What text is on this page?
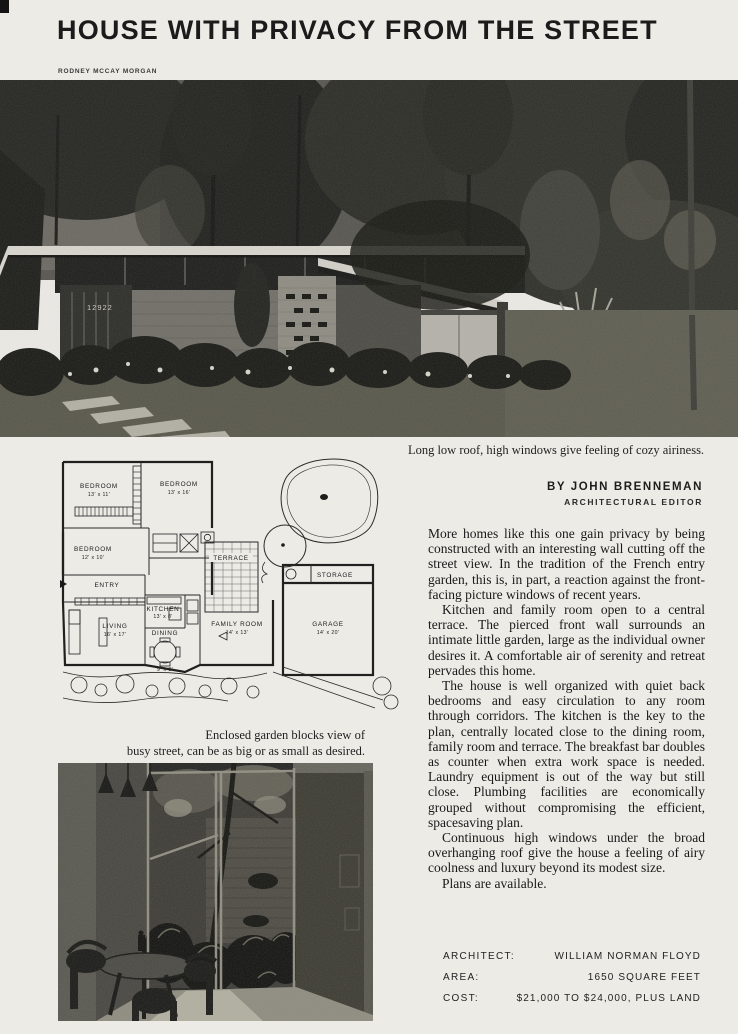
HOUSE WITH PRIVACY FROM THE STREET
RODNEY MCCAY MORGAN
12922
Long low roof, high windows give feeling of cozy airiness.
BEDROOM
13' x 11'
BEDROOM
13' x 16'
BEDROOM
12' x 10'
ENTRY
LIVING
16' x 17'
KITCHEN
13' x 8'
DINING
9' x 9'
FAMILY ROOM
14' x 13'
TERRACE
STORAGE
GARAGE
14' x 20'
BY JOHN BRENNEMAN
ARCHITECTURAL EDITOR

More homes like this one gain privacy by being constructed with an interesting wall cutting off the street view. In the tradition of the French entry garden, this is, in part, a reaction against the front-facing picture windows of recent years.

Kitchen and family room open to a central terrace. The pierced front wall surrounds an intimate little garden, large as the individual owner desires it. A comfortable air of serenity and retreat pervades this home.

The house is well organized with quiet back bedrooms and easy circulation to any room through corridors. The kitchen is the key to the plan, centrally located close to the dining room, family room and terrace. The breakfast bar doubles as counter when extra work space is needed. Laundry equipment is out of the way but still close. Plumbing facilities are economically grouped without compromising the efficient, spacesaving plan.

Continuous high windows under the broad overhanging roof give the house a feeling of airy coolness and luxury beyond its modest size.

Plans are available.

Enclosed garden blocks view of
busy street, can be as big or as small as desired.
ARCHITECT:	WILLIAM NORMAN FLOYD
AREA:	1650 SQUARE FEET
COST:	$21,000 TO $24,000, PLUS LAND
